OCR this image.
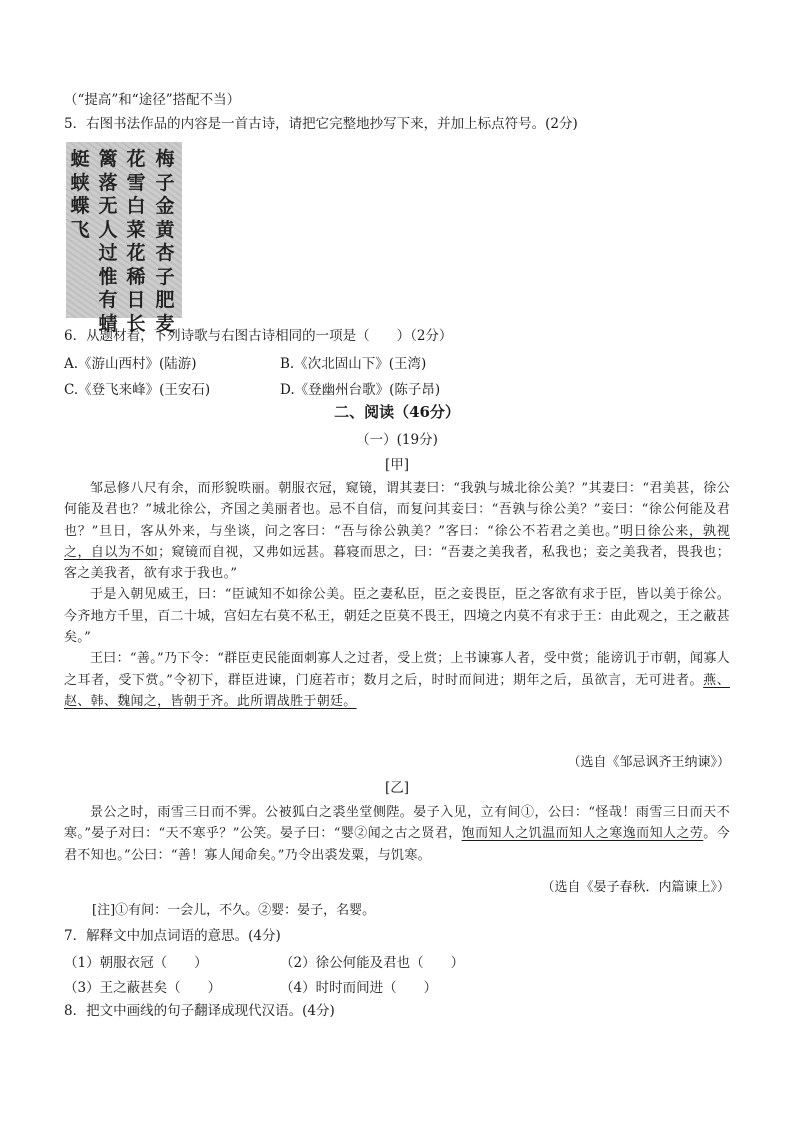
（“提高”和“途径”搭配不当）
5．右图书法作品的内容是一首古诗，请把它完整地抄写下来，并加上标点符号。(2分)
梅子金黄杏子肥麦
花雪白菜花稀日长
篱落无人过惟有蜻
蜓蛱蝶飞
6．从题材看，下列诗歌与右图古诗相同的一项是（　　）（2分）
A.《游山西村》(陆游)	B.《次北固山下》(王湾)
C.《登飞来峰》(王安石)	D.《登幽州台歌》(陈子昂)
二、阅读（46分）
（一）(19分)
[甲]

邹忌修八尺有余，而形貌昳丽。朝服衣冠，窥镜，谓其妻曰：“我孰与城北徐公美？”其妻曰：“君美甚，徐公何能及君也？”城北徐公，齐国之美丽者也。忌不自信，而复问其妾曰：“吾孰与徐公美？”妾曰：“徐公何能及君也？”旦日，客从外来，与坐谈，问之客曰：“吾与徐公孰美？”客曰：“徐公不若君之美也。”明日徐公来，孰视之，自以为不如；窥镜而自视，又弗如远甚。暮寝而思之，曰：“吾妻之美我者，私我也；妾之美我者，畏我也；客之美我者，欲有求于我也。”

于是入朝见威王，曰：“臣诚知不如徐公美。臣之妻私臣，臣之妾畏臣，臣之客欲有求于臣，皆以美于徐公。今齐地方千里，百二十城，宫妇左右莫不私王，朝廷之臣莫不畏王，四境之内莫不有求于王：由此观之，王之蔽甚矣。”

王曰：“善。”乃下令：“群臣吏民能面刺寡人之过者，受上赏；上书谏寡人者，受中赏；能谤讥于市朝，闻寡人之耳者，受下赏。”令初下，群臣进谏，门庭若市；数月之后，时时而间进；期年之后，虽欲言，无可进者。燕、赵、韩、魏闻之，皆朝于齐。此所谓战胜于朝廷。

（选自《邹忌讽齐王纳谏》）
[乙]

景公之时，雨雪三日而不霁。公被狐白之裘坐堂侧陛。晏子入见，立有间①，公曰：“怪哉！雨雪三日而天不寒。”晏子对曰：“天不寒乎？”公笑。晏子曰：“婴②闻之古之贤君，饱而知人之饥温而知人之寒逸而知人之劳。今君不知也。”公曰：“善！寡人闻命矣。”乃令出裘发粟，与饥寒。

（选自《晏子春秋．内篇谏上》）
[注]①有间：一会儿，不久。②婴：晏子，名婴。
7．解释文中加点词语的意思。(4分)
（1）朝服衣冠（　　）	（2）徐公何能及君也（　　）
（3）王之蔽甚矣（　　）	（4）时时而间进（　　）
8．把文中画线的句子翻译成现代汉语。(4分)
